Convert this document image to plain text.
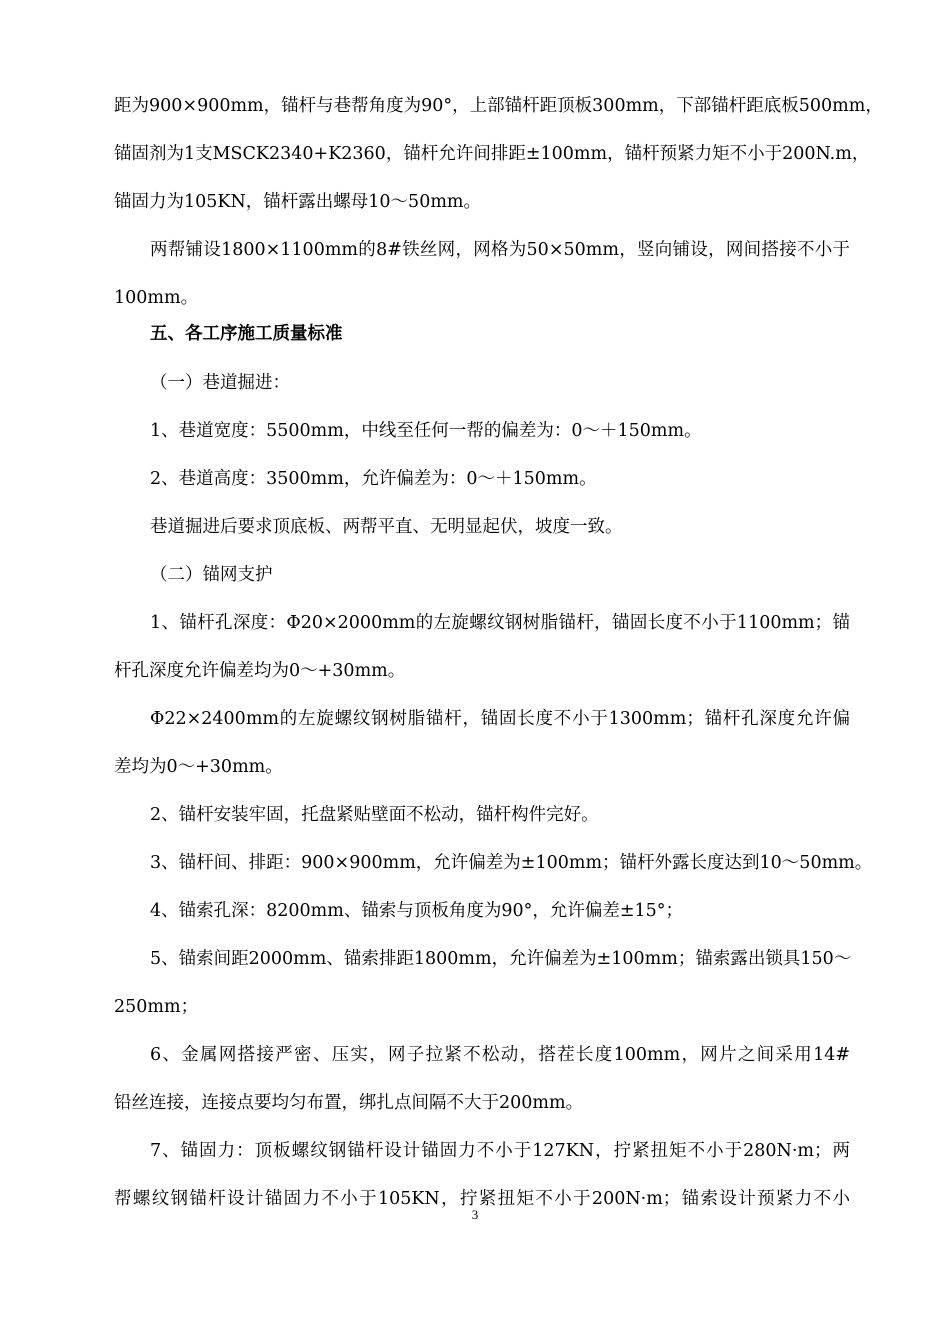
距为900×900mm，锚杆与巷帮角度为90°，上部锚杆距顶板300mm，下部锚杆距底板500mm，
锚固剂为1支MSCK2340+K2360，锚杆允许间排距±100mm，锚杆预紧力矩不小于200N.m，
锚固力为105KN，锚杆露出螺母10～50mm。
两帮铺设1800×1100mm的8#铁丝网，网格为50×50mm，竖向铺设，网间搭接不小于
100mm。
五、各工序施工质量标准
（一）巷道掘进：
1、巷道宽度：5500mm，中线至任何一帮的偏差为：0～＋150mm。
2、巷道高度：3500mm，允许偏差为：0～＋150mm。
巷道掘进后要求顶底板、两帮平直、无明显起伏，坡度一致。
（二）锚网支护
1、锚杆孔深度：Φ20×2000mm的左旋螺纹钢树脂锚杆，锚固长度不小于1100mm；锚
杆孔深度允许偏差均为0～+30mm。
Φ22×2400mm的左旋螺纹钢树脂锚杆，锚固长度不小于1300mm；锚杆孔深度允许偏
差均为0～+30mm。
2、锚杆安装牢固，托盘紧贴壁面不松动，锚杆构件完好。
3、锚杆间、排距：900×900mm，允许偏差为±100mm；锚杆外露长度达到10～50mm。
4、锚索孔深：8200mm、锚索与顶板角度为90°，允许偏差±15°；
5、锚索间距2000mm、锚索排距1800mm，允许偏差为±100mm；锚索露出锁具150～
250mm；
6、金属网搭接严密、压实，网子拉紧不松动，搭茬长度100mm，网片之间采用14#
铅丝连接，连接点要均匀布置，绑扎点间隔不大于200mm。
7、锚固力：顶板螺纹钢锚杆设计锚固力不小于127KN，拧紧扭矩不小于280N·m；两
帮螺纹钢锚杆设计锚固力不小于105KN，拧紧扭矩不小于200N·m；锚索设计预紧力不小
3
